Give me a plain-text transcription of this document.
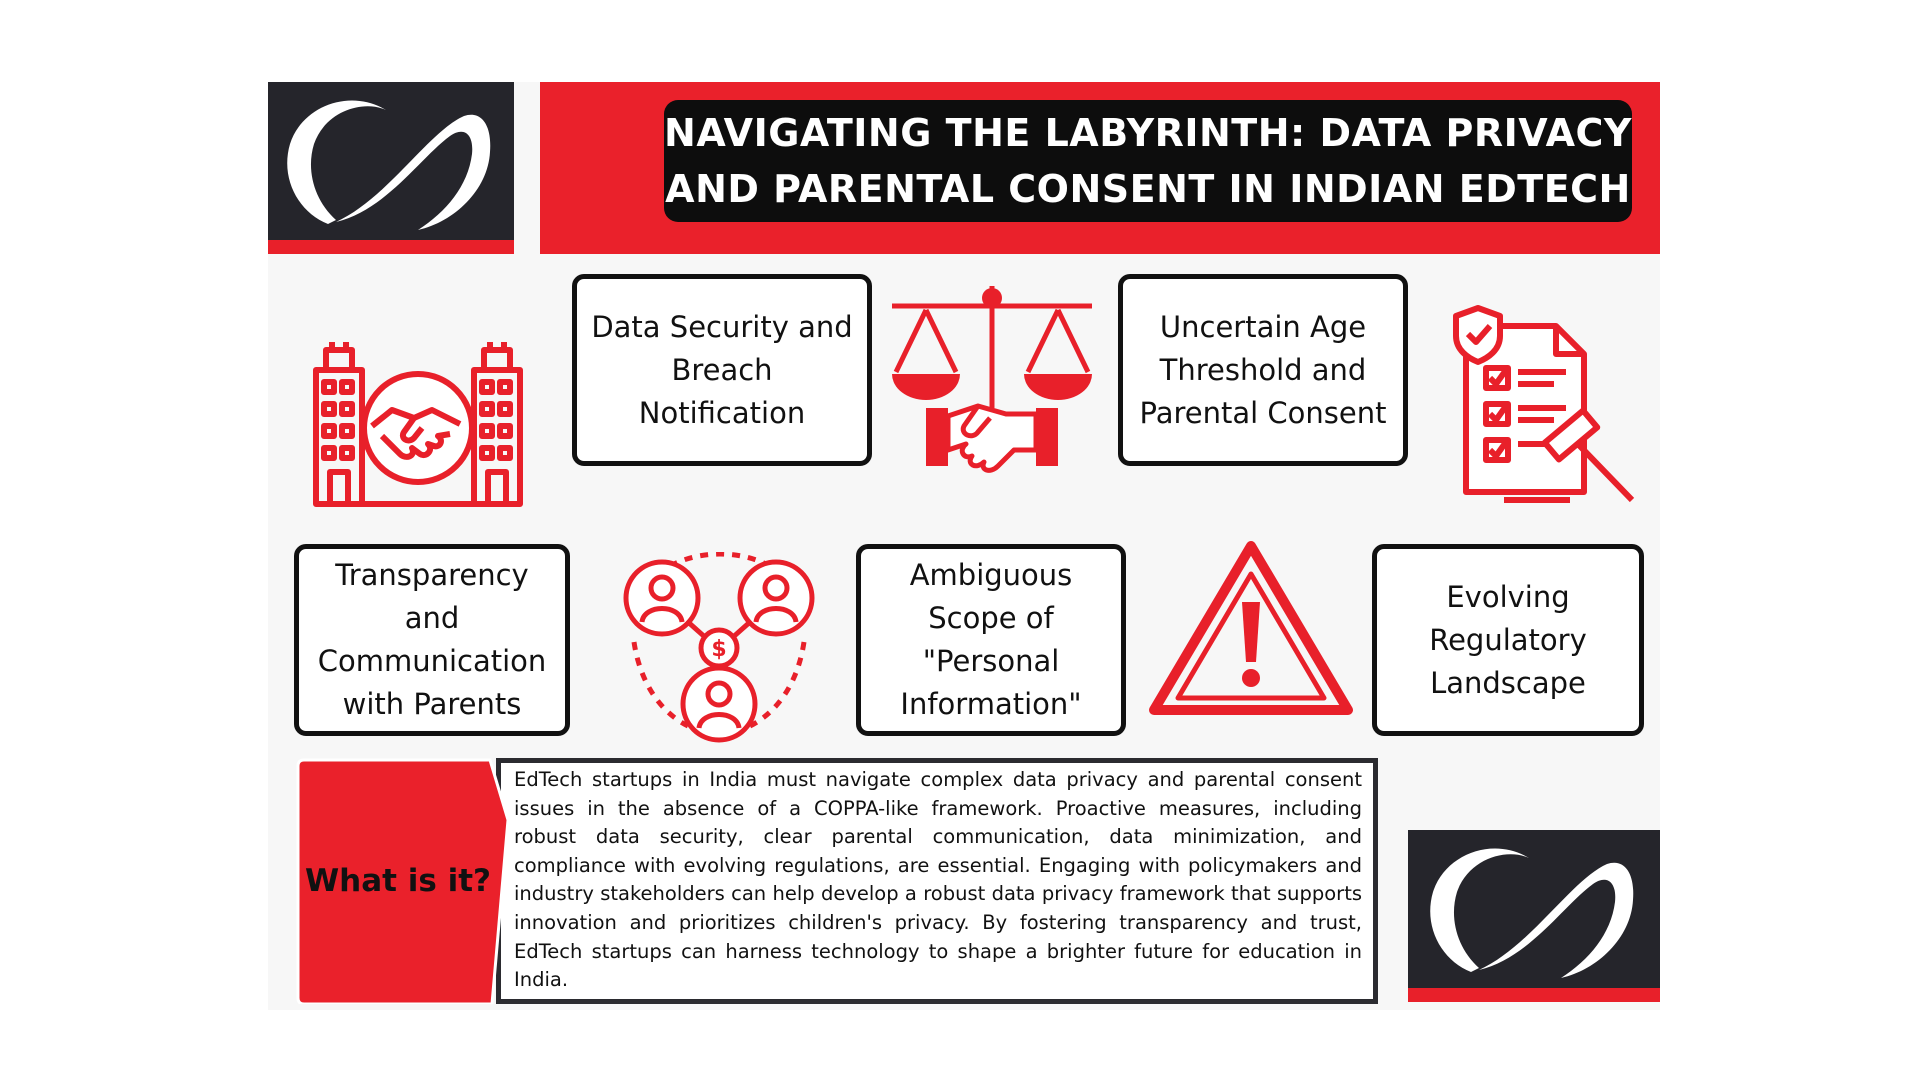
NAVIGATING THE LABYRINTH: DATA PRIVACY
AND PARENTAL CONSENT IN INDIAN EDTECH
Data Security and Breach Notification
Uncertain Age Threshold and Parental Consent
Transparency and Communication with Parents
$
Ambiguous Scope of "Personal Information"
Evolving Regulatory Landscape
EdTech startups in India must navigate complex data privacy and parental consent issues in the absence of a COPPA-like framework. Proactive measures, including robust data security, clear parental communication, data minimization, and compliance with evolving regulations, are essential. Engaging with policymakers and industry stakeholders can help develop a robust data privacy framework that supports innovation and prioritizes children's privacy. By fostering transparency and trust, EdTech startups can harness technology to shape a brighter future for education in India.
What is it?
